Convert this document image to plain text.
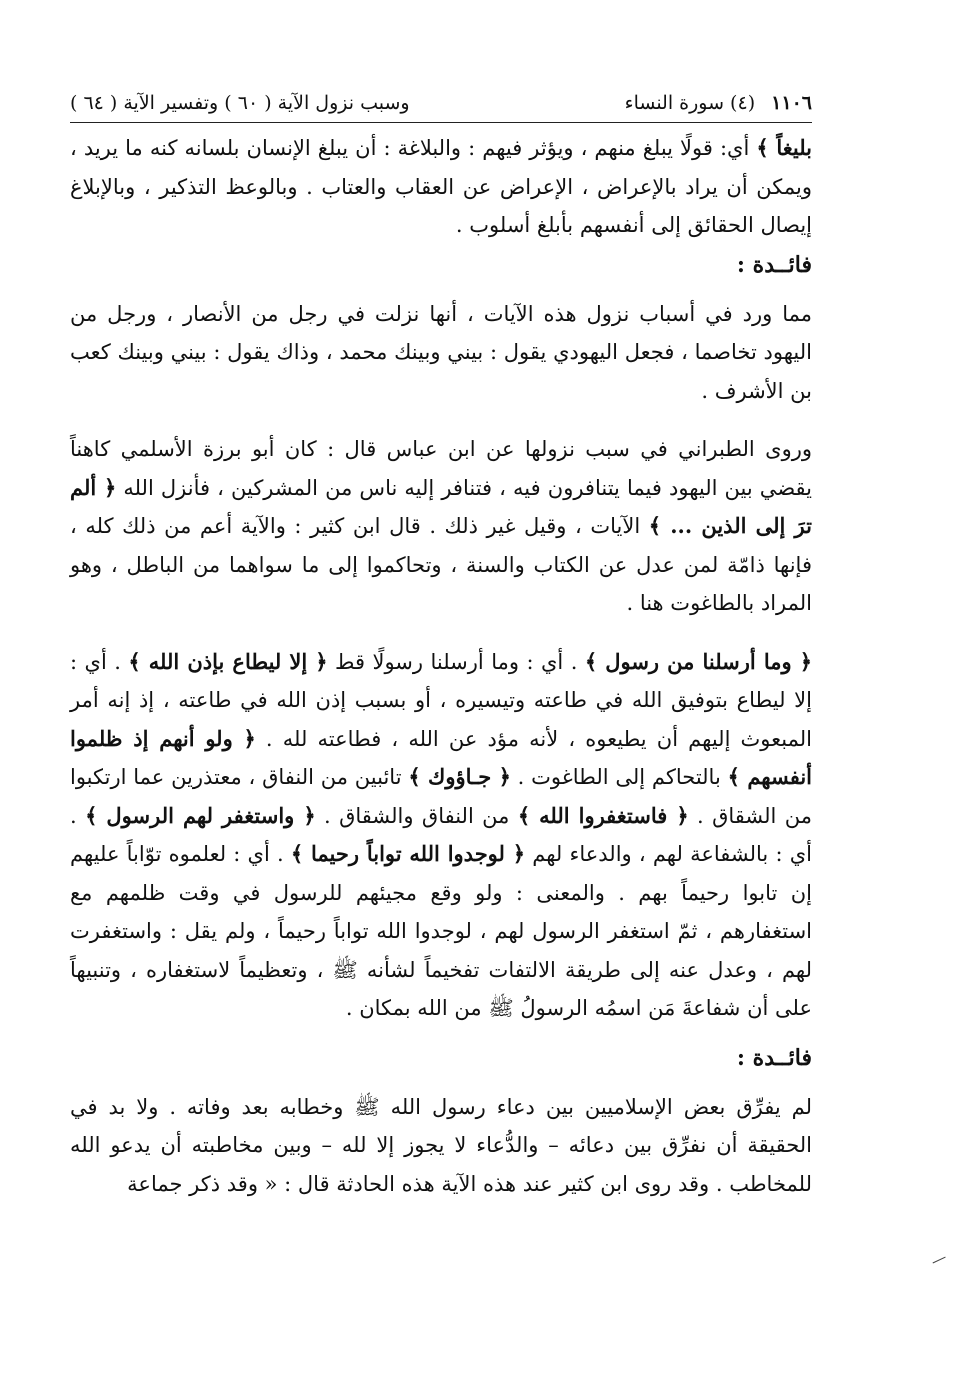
١١٠٦ (٤) سورة النساء
وسبب نزول الآية ( ٦٠ ) وتفسير الآية ( ٦٤ )

بليغاً ﴾ أي: قولًا يبلغ منهم ، ويؤثر فيهم : والبلاغة : أن يبلغ الإنسان بلسانه كنه ما يريد ، ويمكن أن يراد بالإعراض ، الإعراض عن العقاب والعتاب . وبالوعظ التذكير ، وبالإبلاغ إيصال الحقائق إلى أنفسهم بأبلغ أسلوب .

فائــدة :

مما ورد في أسباب نزول هذه الآيات ، أنها نزلت في رجل من الأنصار ، ورجل من اليهود تخاصما ، فجعل اليهودي يقول : بيني وبينك محمد ، وذاك يقول : بيني وبينك كعب بن الأشرف .

وروى الطبراني في سبب نزولها عن ابن عباس قال : كان أبو برزة الأسلمي كاهناً يقضي بين اليهود فيما يتنافرون فيه ، فتنافر إليه ناس من المشركين ، فأنزل الله ﴿ ألم ترَ إلى الذين ... ﴾ الآيات ، وقيل غير ذلك . قال ابن كثير : والآية أعم من ذلك كله ، فإنها ذامّة لمن عدل عن الكتاب والسنة ، وتحاكموا إلى ما سواهما من الباطل ، وهو المراد بالطاغوت هنا .

﴿ وما أرسلنا من رسول ﴾ . أي : وما أرسلنا رسولًا قط ﴿ إلا ليطاع بإذن الله ﴾ . أي : إلا ليطاع بتوفيق الله في طاعته وتيسيره ، أو بسبب إذن الله في طاعته ، إذ إنه أمر المبعوث إليهم أن يطيعوه ، لأنه مؤد عن الله ، فطاعته لله . ﴿ ولو أنهم إذ ظلموا أنفسهم ﴾ بالتحاكم إلى الطاغوت . ﴿ جـاؤوك ﴾ تائبين من النفاق ، معتذرين عما ارتكبوا من الشقاق . ﴿ فاستغفروا الله ﴾ من النفاق والشقاق . ﴿ واستغفر لهم الرسول ﴾ . أي : بالشفاعة لهم ، والدعاء لهم ﴿ لوجدوا الله تواباً رحيما ﴾ . أي : لعلموه توّاباً عليهم إن تابوا رحيماً بهم . والمعنى : ولو وقع مجيئهم للرسول في وقت ظلمهم مع استغفارهم ، ثمّ استغفر الرسول لهم ، لوجدوا الله تواباً رحيماً ، ولم يقل : واستغفرت لهم ، وعدل عنه إلى طريقة الالتفات تفخيماً لشأنه ﷺ ، وتعظيماً لاستغفاره ، وتنبيهاً على أن شفاعةَ مَن اسمُه الرسولُ ﷺ من الله بمكان .

فائــدة :

لم يفرِّق بعض الإسلاميين بين دعاء رسول الله ﷺ وخطابه بعد وفاته . ولا بد في الحقيقة أن نفرِّق بين دعائه – والدُّعاء لا يجوز إلا لله – وبين مخاطبته أن يدعو الله للمخاطب . وقد روى ابن كثير عند هذه الآية هذه الحادثة قال : « وقد ذكر جماعة
